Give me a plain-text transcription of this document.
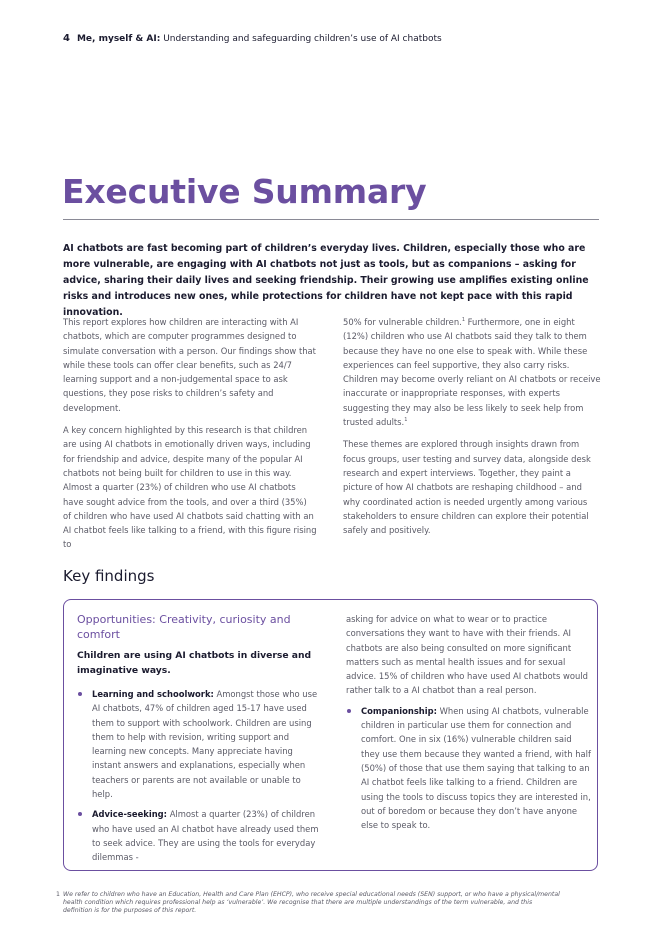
4 Me, myself & AI: Understanding and safeguarding children’s use of AI chatbots
Executive Summary

AI chatbots are fast becoming part of children’s everyday lives. Children, especially those who are more vulnerable, are engaging with AI chatbots not just as tools, but as companions – asking for advice, sharing their daily lives and seeking friendship. Their growing use amplifies existing online risks and introduces new ones, while protections for children have not kept pace with this rapid innovation.

This report explores how children are interacting with AI chatbots, which are computer programmes designed to simulate conversation with a person. Our findings show that while these tools can offer clear benefits, such as 24/7 learning support and a non-judgemental space to ask questions, they pose risks to children’s safety and development.

A key concern highlighted by this research is that children are using AI chatbots in emotionally driven ways, including for friendship and advice, despite many of the popular AI chatbots not being built for children to use in this way. Almost a quarter (23%) of children who use AI chatbots have sought advice from the tools, and over a third (35%) of children who have used AI chatbots said chatting with an AI chatbot feels like talking to a friend, with this figure rising to

50% for vulnerable children.$^1$ Furthermore, one in eight (12%) children who use AI chatbots said they talk to them because they have no one else to speak with. While these experiences can feel supportive, they also carry risks. Children may become overly reliant on AI chatbots or receive inaccurate or inappropriate responses, with experts suggesting they may also be less likely to seek help from trusted adults.$^1$

These themes are explored through insights drawn from focus groups, user testing and survey data, alongside desk research and expert interviews. Together, they paint a picture of how AI chatbots are reshaping childhood – and why coordinated action is needed urgently among various stakeholders to ensure children can explore their potential safely and positively.

Key findings
Opportunities: Creativity, curiosity and comfort

Children are using AI chatbots in diverse and imaginative ways.

Learning and schoolwork: Amongst those who use AI chatbots, 47% of children aged 15-17 have used them to support with schoolwork. Children are using them to help with revision, writing support and learning new concepts. Many appreciate having instant answers and explanations, especially when teachers or parents are not available or unable to help.
Advice-seeking: Almost a quarter (23%) of children who have used an AI chatbot have already used them to seek advice. They are using the tools for everyday dilemmas -

asking for advice on what to wear or to practice conversations they want to have with their friends. AI chatbots are also being consulted on more significant matters such as mental health issues and for sexual advice. 15% of children who have used AI chatbots would rather talk to a AI chatbot than a real person.

Companionship: When using AI chatbots, vulnerable children in particular use them for connection and comfort. One in six (16%) vulnerable children said they use them because they wanted a friend, with half (50%) of those that use them saying that talking to an AI chatbot feels like talking to a friend. Children are using the tools to discuss topics they are interested in, out of boredom or because they don’t have anyone else to speak to.
1 We refer to children who have an Education, Health and Care Plan (EHCP), who receive special educational needs (SEN) support, or who have a physical/mental health condition which requires professional help as ‘vulnerable’. We recognise that there are multiple understandings of the term vulnerable, and this definition is for the purposes of this report.
